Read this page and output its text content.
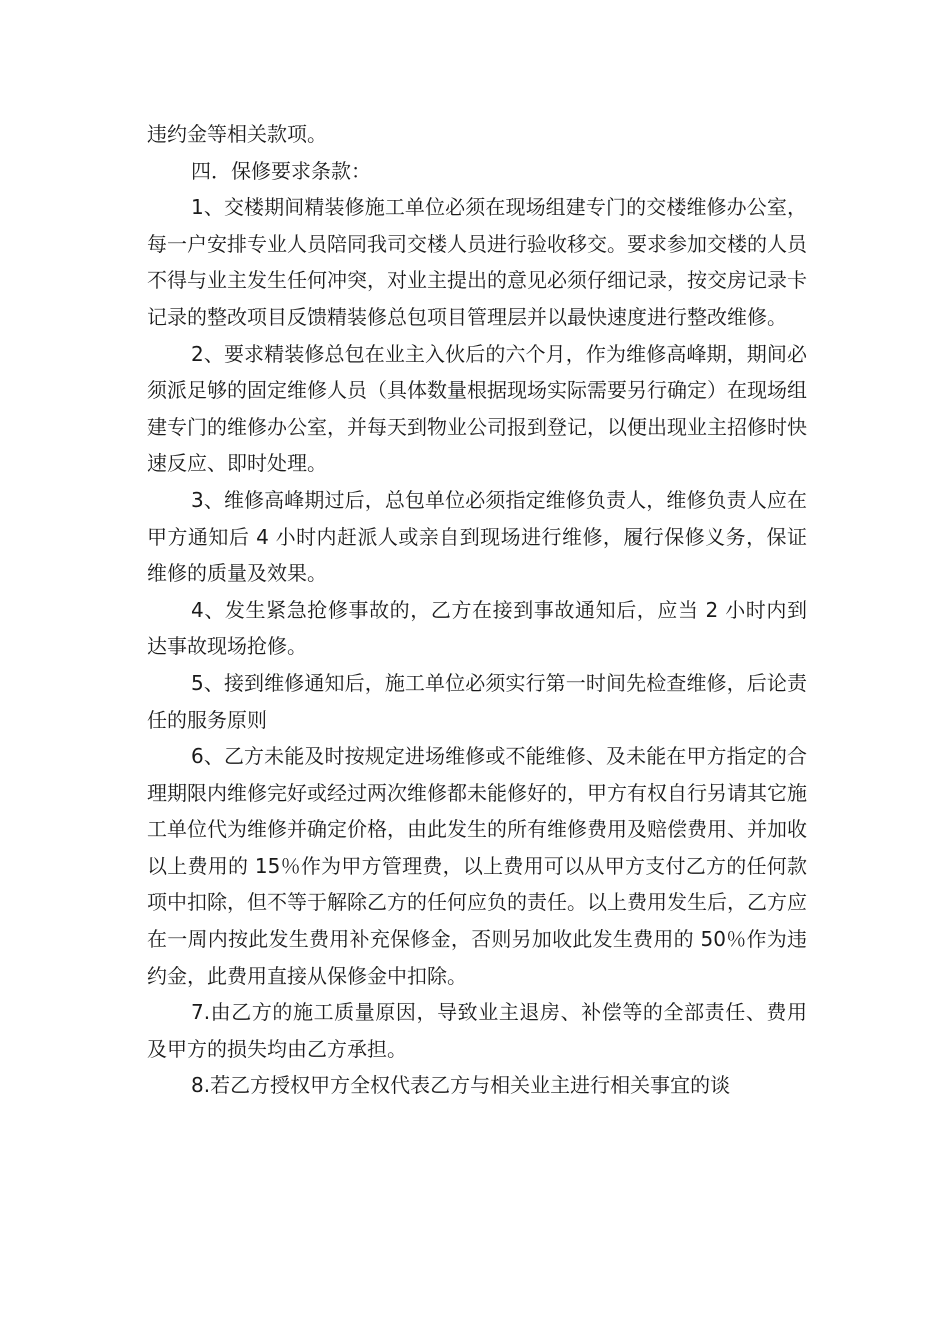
违约金等相关款项。

四．保修要求条款：

1、交楼期间精装修施工单位必须在现场组建专门的交楼维修办公室，每一户安排专业人员陪同我司交楼人员进行验收移交。要求参加交楼的人员不得与业主发生任何冲突，对业主提出的意见必须仔细记录，按交房记录卡记录的整改项目反馈精装修总包项目管理层并以最快速度进行整改维修。

2、要求精装修总包在业主入伙后的六个月，作为维修高峰期，期间必须派足够的固定维修人员（具体数量根据现场实际需要另行确定）在现场组建专门的维修办公室，并每天到物业公司报到登记，以便出现业主招修时快速反应、即时处理。

3、维修高峰期过后，总包单位必须指定维修负责人，维修负责人应在甲方通知后 4 小时内赶派人或亲自到现场进行维修，履行保修义务，保证维修的质量及效果。

4、发生紧急抢修事故的，乙方在接到事故通知后，应当 2 小时内到达事故现场抢修。

5、接到维修通知后，施工单位必须实行第一时间先检查维修，后论责任的服务原则

6、乙方未能及时按规定进场维修或不能维修、及未能在甲方指定的合理期限内维修完好或经过两次维修都未能修好的，甲方有权自行另请其它施工单位代为维修并确定价格，由此发生的所有维修费用及赔偿费用、并加收以上费用的 15％作为甲方管理费，以上费用可以从甲方支付乙方的任何款项中扣除，但不等于解除乙方的任何应负的责任。以上费用发生后，乙方应在一周内按此发生费用补充保修金，否则另加收此发生费用的 50％作为违约金，此费用直接从保修金中扣除。

7.由乙方的施工质量原因，导致业主退房、补偿等的全部责任、费用及甲方的损失均由乙方承担。

8.若乙方授权甲方全权代表乙方与相关业主进行相关事宜的谈
